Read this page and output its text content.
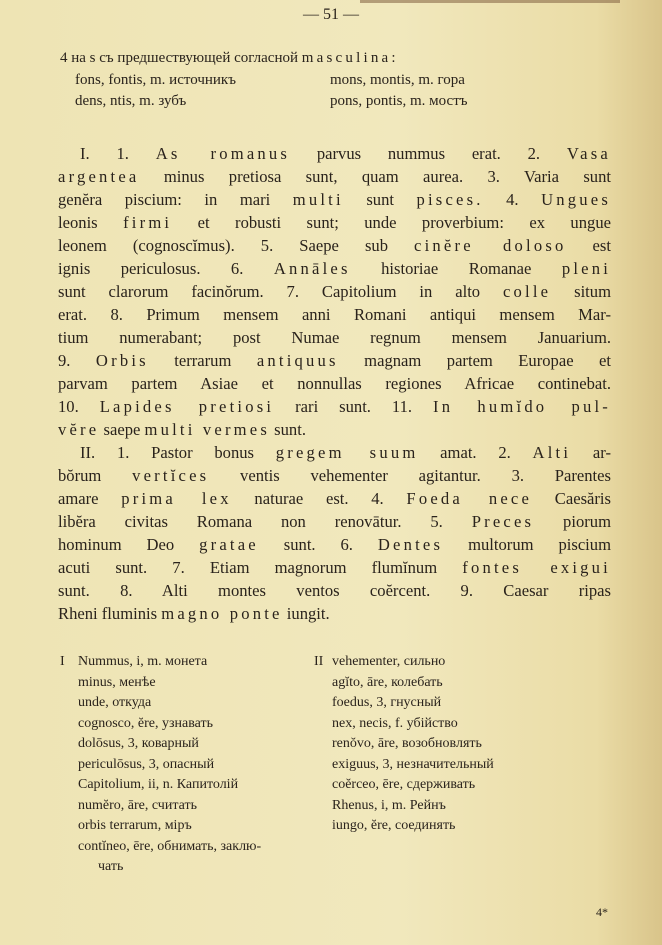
— 51 —
4 на s съ предшествующей согласной masculina:
fons, fontis, m. источникъ	mons, montis, m. гора
dens, ntis, m. зубъ	pons, pontis, m. мостъ
I. 1. As romanus parvus nummus erat. 2. Vasa
argentea minus pretiosa sunt, quam aurea. 3. Varia sunt
genĕra piscium: in mari multi sunt pisces. 4. Ungues
leonis firmi et robusti sunt; unde proverbium: ex ungue
leonem (cognoscĭmus). 5. Saepe sub cinĕre doloso est
ignis periculosus. 6. Annāles historiae Romanae pleni
sunt clarorum facinŏrum. 7. Capitolium in alto colle situm
erat. 8. Primum mensem anni Romani antiqui mensem Mar-
tium numerabant; post Numae regnum mensem Januarium.
9. Orbis terrarum antiquus magnam partem Europae et
parvam partem Asiae et nonnullas regiones Africae continebat.
10. Lapides pretiosi rari sunt. 11. In humĭdo pul-
vĕre saepe multi vermes sunt.
II. 1. Pastor bonus gregem suum amat. 2. Alti ar-
bŏrum vertĭces ventis vehementer agitantur. 3. Parentes
amare prima lex naturae est. 4. Foeda nece Caesăris
libĕra civitas Romana non renovātur. 5. Preces piorum
hominum Deo gratae sunt. 6. Dentes multorum piscium
acuti sunt. 7. Etiam magnorum flumĭnum fontes exigui
sunt. 8. Alti montes ventos coĕrcent. 9. Caesar ripas
Rheni fluminis magno ponte iungit.
I Nummus, i, m. монета
minus, менѣе
unde, откуда
cognosco, ĕre, узнавать
dolōsus, 3, коварный
periculōsus, 3, опасный
Capitolium, ii, n. Капитолій
numĕro, āre, считать
orbis terrarum, міръ
contĭneo, ēre, обнимать, заклю-
чать
II vehementer, сильно
agĭto, āre, колебать
foedus, 3, гнусный
nex, necis, f. убійство
renŏvo, āre, возобновлять
exiguus, 3, незначительный
coĕrceo, ēre, сдерживать
Rhenus, i, m. Рейнъ
iungo, ĕre, соединять
4*
